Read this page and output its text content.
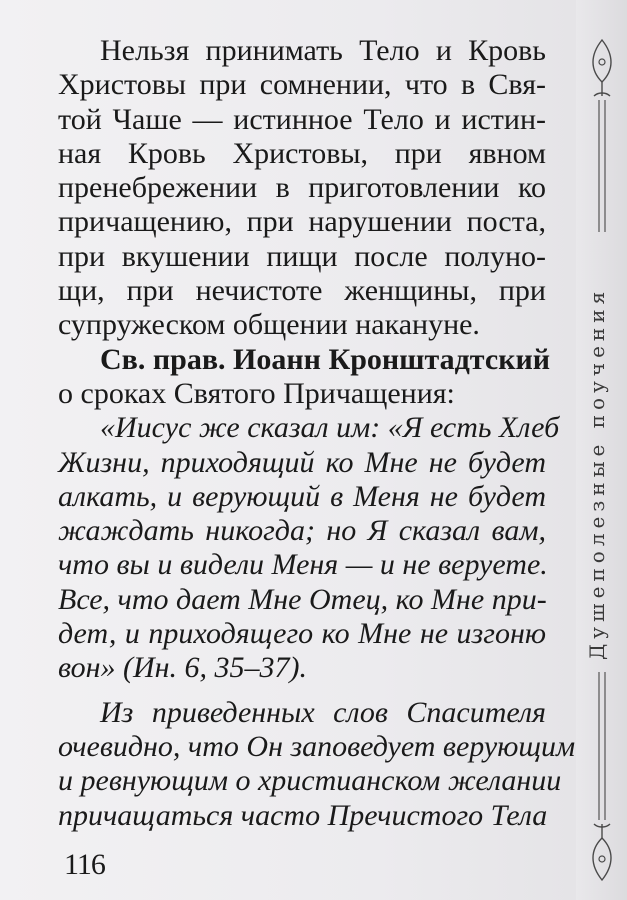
Нельзя принимать Тело и Кровь
Христовы при сомнении, что в Свя-
той Чаше — истинное Тело и истин-
ная Кровь Христовы, при явном
пренебрежении в приготовлении ко
причащению, при нарушении поста,
при вкушении пищи после полуно-
щи, при нечистоте женщины, при
супружеском общении накануне.
Св. прав. Иоанн Кронштадтский
о сроках Святого Причащения:
«Иисус же сказал им: «Я есть Хлеб
Жизни, приходящий ко Мне не будет
алкать, и верующий в Меня не будет
жаждать никогда; но Я сказал вам,
что вы и видели Меня — и не веруете.
Все, что дает Мне Отец, ко Мне при-
дет, и приходящего ко Мне не изгоню
вон» (Ин. 6, 35–37).
Из приведенных слов Спасителя
очевидно, что Он заповедует верующим
и ревнующим о христианском желании
причащаться часто Пречистого Тела
116
Душеполезные поучения
